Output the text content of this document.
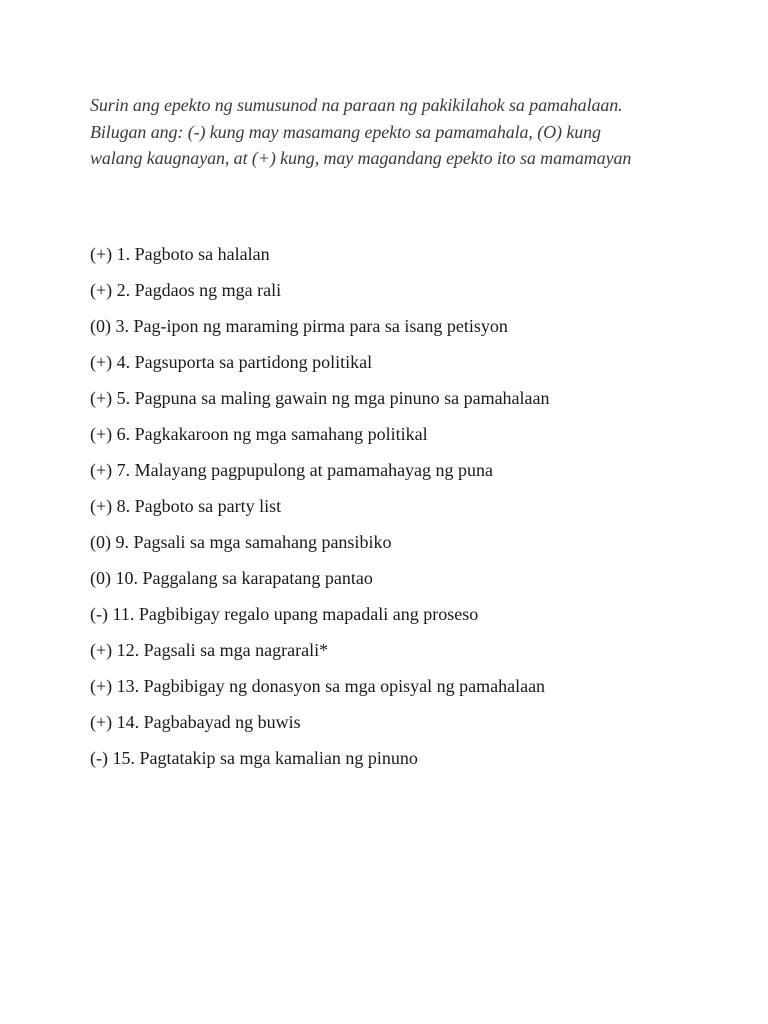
Surin ang epekto ng sumusunod na paraan ng pakikilahok sa pamahalaan. Bilugan ang: (-) kung may masamang epekto sa pamamahala, (O) kung walang kaugnayan, at (+) kung, may magandang epekto ito sa mamamayan

(+) 1. Pagboto sa halalan
(+) 2. Pagdaos ng mga rali
(0) 3. Pag-ipon ng maraming pirma para sa isang petisyon
(+) 4. Pagsuporta sa partidong politikal
(+) 5. Pagpuna sa maling gawain ng mga pinuno sa pamahalaan
(+) 6. Pagkakaroon ng mga samahang politikal
(+) 7. Malayang pagpupulong at pamamahayag ng puna
(+) 8. Pagboto sa party list
(0) 9. Pagsali sa mga samahang pansibiko
(0) 10. Paggalang sa karapatang pantao
(-) 11. Pagbibigay regalo upang mapadali ang proseso
(+) 12. Pagsali sa mga nagrarali*
(+) 13. Pagbibigay ng donasyon sa mga opisyal ng pamahalaan
(+) 14. Pagbabayad ng buwis
(-) 15. Pagtatakip sa mga kamalian ng pinuno
